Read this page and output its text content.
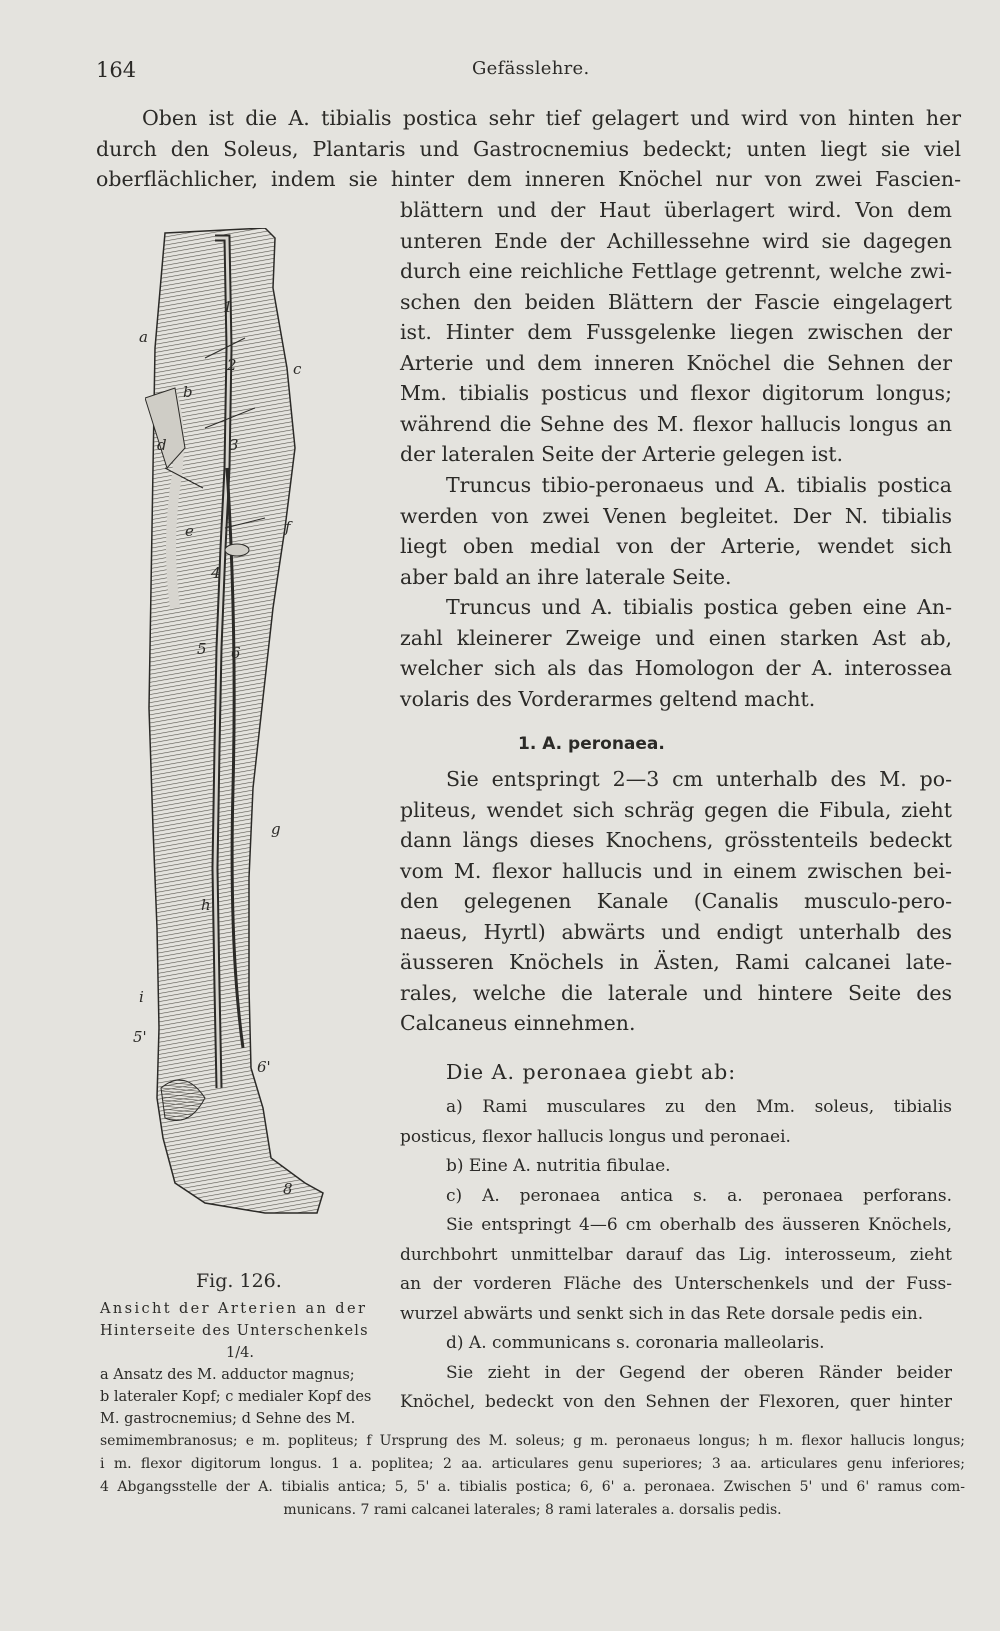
164	Gefässlehre.
Oben ist die A. tibialis postica sehr tief gelagert und wird von hinten her
durch den Soleus, Plantaris und Gastrocnemius bedeckt; unten liegt sie viel
oberflächlicher, indem sie hinter dem inneren Knöchel nur von zwei Fascien-
blättern und der Haut überlagert wird. Von dem
unteren Ende der Achillessehne wird sie dagegen
durch eine reichliche Fettlage getrennt, welche zwi-
schen den beiden Blättern der Fascie eingelagert
ist. Hinter dem Fussgelenke liegen zwischen der
Arterie und dem inneren Knöchel die Sehnen der
Mm. tibialis posticus und flexor digitorum longus;
während die Sehne des M. flexor hallucis longus an
der lateralen Seite der Arterie gelegen ist.
Truncus tibio-peronaeus und A. tibialis postica
werden von zwei Venen begleitet. Der N. tibialis
liegt oben medial von der Arterie, wendet sich
aber bald an ihre laterale Seite.
Truncus und A. tibialis postica geben eine An-
zahl kleinerer Zweige und einen starken Ast ab,
welcher sich als das Homologon der A. interossea
volaris des Vorderarmes geltend macht.
1. A. peronaea.
Sie entspringt 2—3 cm unterhalb des M. po-
pliteus, wendet sich schräg gegen die Fibula, zieht
dann längs dieses Knochens, grösstenteils bedeckt
vom M. flexor hallucis und in einem zwischen bei-
den gelegenen Kanale (Canalis musculo-pero-
naeus, Hyrtl) abwärts und endigt unterhalb des
äusseren Knöchels in Ästen, Rami calcanei late-
rales, welche die laterale und hintere Seite des
Calcaneus einnehmen.
Die A. peronaea giebt ab:
a) Rami musculares zu den Mm. soleus, tibialis
posticus, flexor hallucis longus und peronaei.
b) Eine A. nutritia fibulae.
c) A. peronaea antica s. a. peronaea perforans.
Sie entspringt 4—6 cm oberhalb des äusseren Knöchels,
durchbohrt unmittelbar darauf das Lig. interosseum, zieht
an der vorderen Fläche des Unterschenkels und der Fuss-
wurzel abwärts und senkt sich in das Rete dorsale pedis ein.
d) A. communicans s. coronaria malleolaris.
Sie zieht in der Gegend der oberen Ränder beider
Knöchel, bedeckt von den Sehnen der Flexoren, quer hinter
a
b
c
d
e	f
g
h
i
1
2
3
4
5
5'
6
6'
8
Fig. 126.
Ansicht der Arterien an der
Hinterseite des Unterschenkels
1/4.
a Ansatz des M. adductor magnus;
b lateraler Kopf; c medialer Kopf des
M. gastrocnemius; d Sehne des M.
semimembranosus; e m. popliteus; f Ursprung des M. soleus; g m. peronaeus longus; h m. flexor hallucis longus;
i m. flexor digitorum longus. 1 a. poplitea; 2 aa. articulares genu superiores; 3 aa. articulares genu inferiores;
4 Abgangsstelle der A. tibialis antica; 5, 5' a. tibialis postica; 6, 6' a. peronaea. Zwischen 5' und 6' ramus com-
municans. 7 rami calcanei laterales; 8 rami laterales a. dorsalis pedis.
